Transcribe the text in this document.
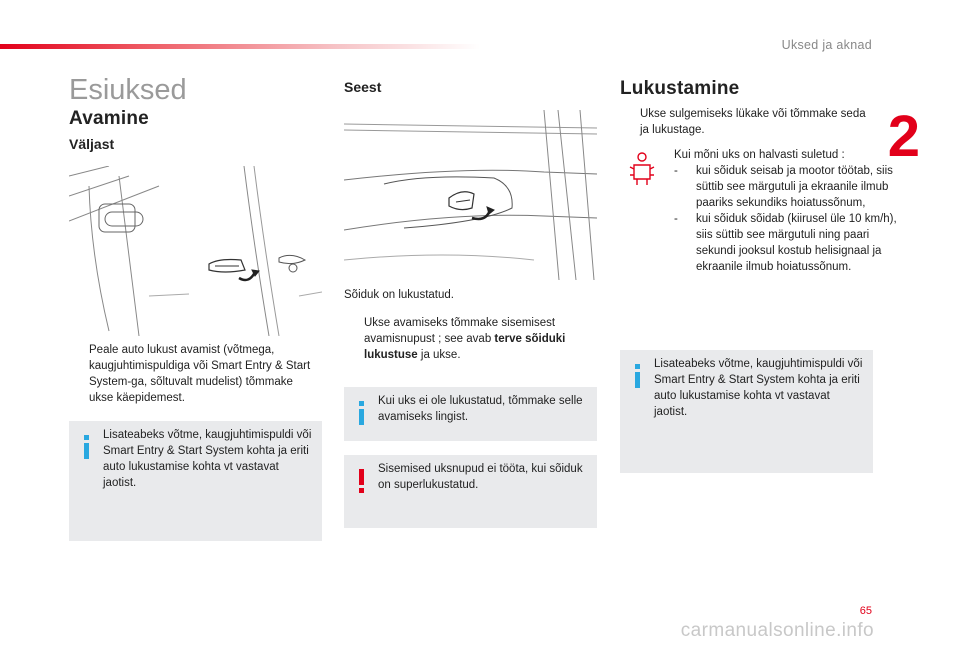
Uksed ja aknad
2
Esiuksed
Avamine
Väljast
Peale auto lukust avamist (võtmega, kaugjuhtimispuldiga või Smart Entry & Start System-ga, sõltuvalt mudelist) tõmmake ukse käepidemest.
Lisateabeks võtme, kaugjuhtimispuldi või Smart Entry & Start System kohta ja eriti auto lukustamise kohta vt vastavat jaotist.
Seest
Sõiduk on lukustatud.
Ukse avamiseks tõmmake sisemisest avamisnupust ; see avab terve sõiduki lukustuse ja ukse.
Kui uks ei ole lukustatud, tõmmake selle avamiseks lingist.
Sisemised uksnupud ei tööta, kui sõiduk on superlukustatud.
Lukustamine
Ukse sulgemiseks lükake või tõmmake seda ja lukustage.
Kui mõni uks on halvasti suletud :
- kui sõiduk seisab ja mootor töötab, siis süttib see märgutuli ja ekraanile ilmub paariks sekundiks hoiatussõnum,
- kui sõiduk sõidab (kiirusel üle 10 km/h), siis süttib see märgutuli ning paari sekundi jooksul kostub helisignaal ja ekraanile ilmub hoiatussõnum.
Lisateabeks võtme, kaugjuhtimispuldi või Smart Entry & Start System kohta ja eriti auto lukustamise kohta vt vastavat jaotist.
65
carmanualsonline.info
